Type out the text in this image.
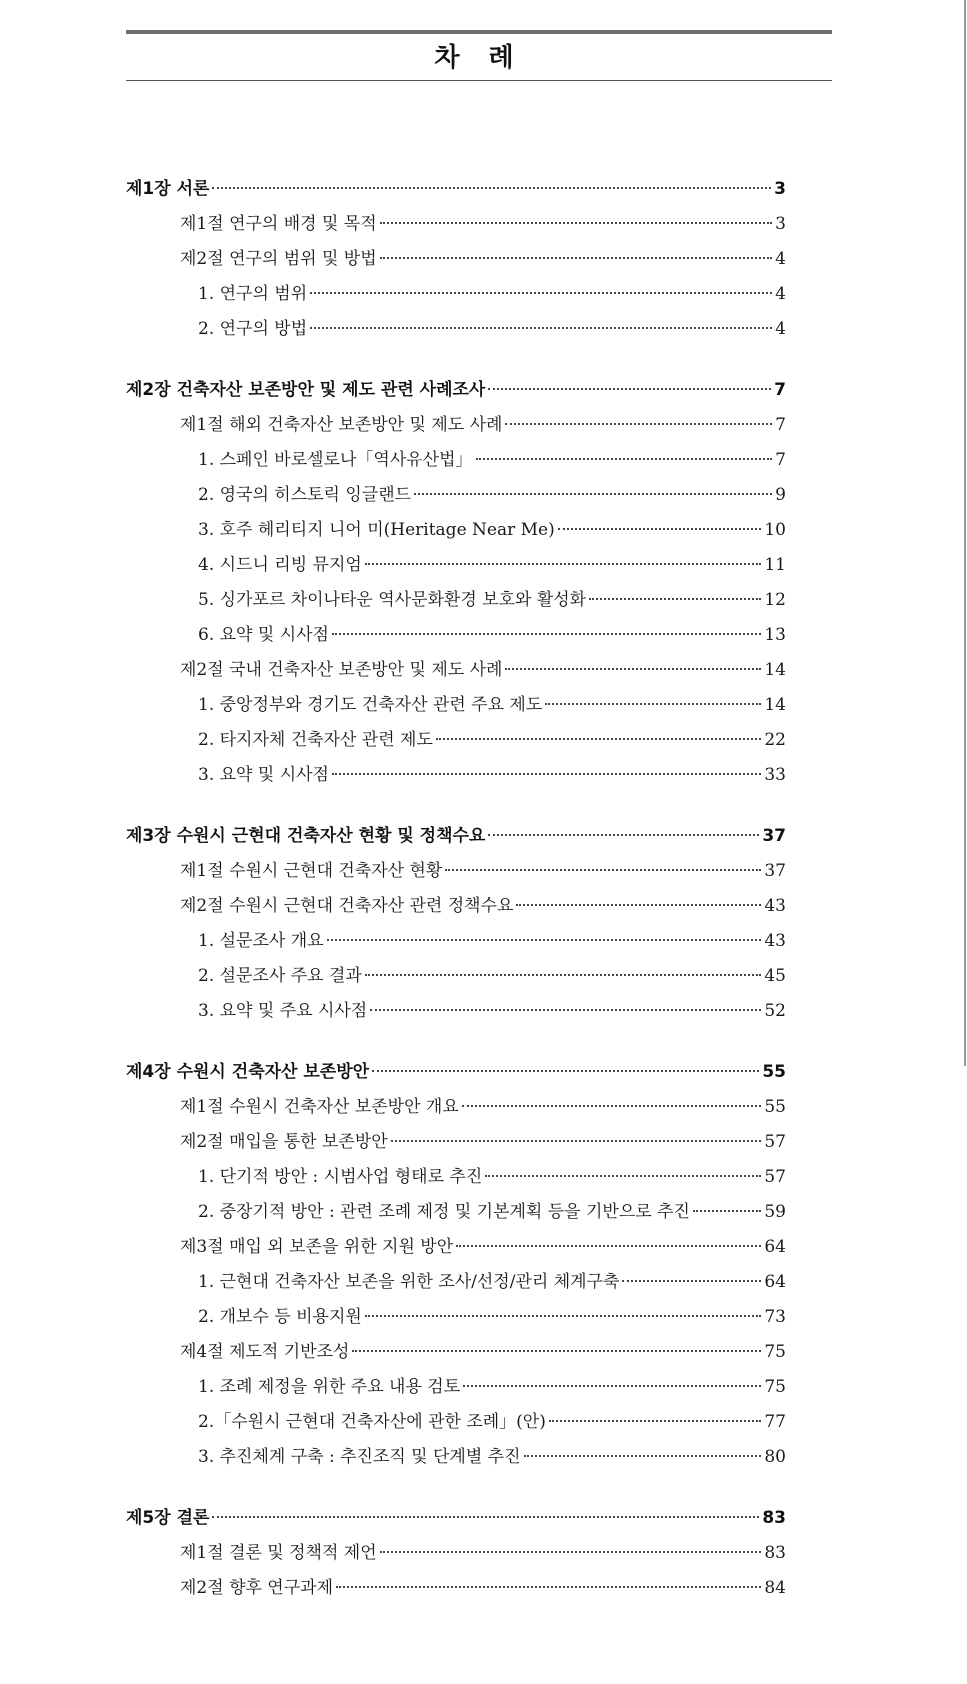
차 례
제1장 서론	3
제1절 연구의 배경 및 목적	3
제2절 연구의 범위 및 방법	4
1. 연구의 범위	4
2. 연구의 방법	4
제2장 건축자산 보존방안 및 제도 관련 사례조사	7
제1절 해외 건축자산 보존방안 및 제도 사례	7
1. 스페인 바로셀로나「역사유산법」	7
2. 영국의 히스토릭 잉글랜드	9
3. 호주 헤리티지 니어 미(Heritage Near Me)	10
4. 시드니 리빙 뮤지엄	11
5. 싱가포르 차이나타운 역사문화환경 보호와 활성화	12
6. 요약 및 시사점	13
제2절 국내 건축자산 보존방안 및 제도 사례	14
1. 중앙정부와 경기도 건축자산 관련 주요 제도	14
2. 타지자체 건축자산 관련 제도	22
3. 요약 및 시사점	33
제3장 수원시 근현대 건축자산 현황 및 정책수요	37
제1절 수원시 근현대 건축자산 현황	37
제2절 수원시 근현대 건축자산 관련 정책수요	43
1. 설문조사 개요	43
2. 설문조사 주요 결과	45
3. 요약 및 주요 시사점	52
제4장 수원시 건축자산 보존방안	55
제1절 수원시 건축자산 보존방안 개요	55
제2절 매입을 통한 보존방안	57
1. 단기적 방안 : 시범사업 형태로 추진	57
2. 중장기적 방안 : 관련 조례 제정 및 기본계획 등을 기반으로 추진	59
제3절 매입 외 보존을 위한 지원 방안	64
1. 근현대 건축자산 보존을 위한 조사/선정/관리 체계구축	64
2. 개보수 등 비용지원	73
제4절 제도적 기반조성	75
1. 조례 제정을 위한 주요 내용 검토	75
2.「수원시 근현대 건축자산에 관한 조례」(안)	77
3. 추진체계 구축 : 추진조직 및 단계별 추진	80
제5장 결론	83
제1절 결론 및 정책적 제언	83
제2절 향후 연구과제	84
